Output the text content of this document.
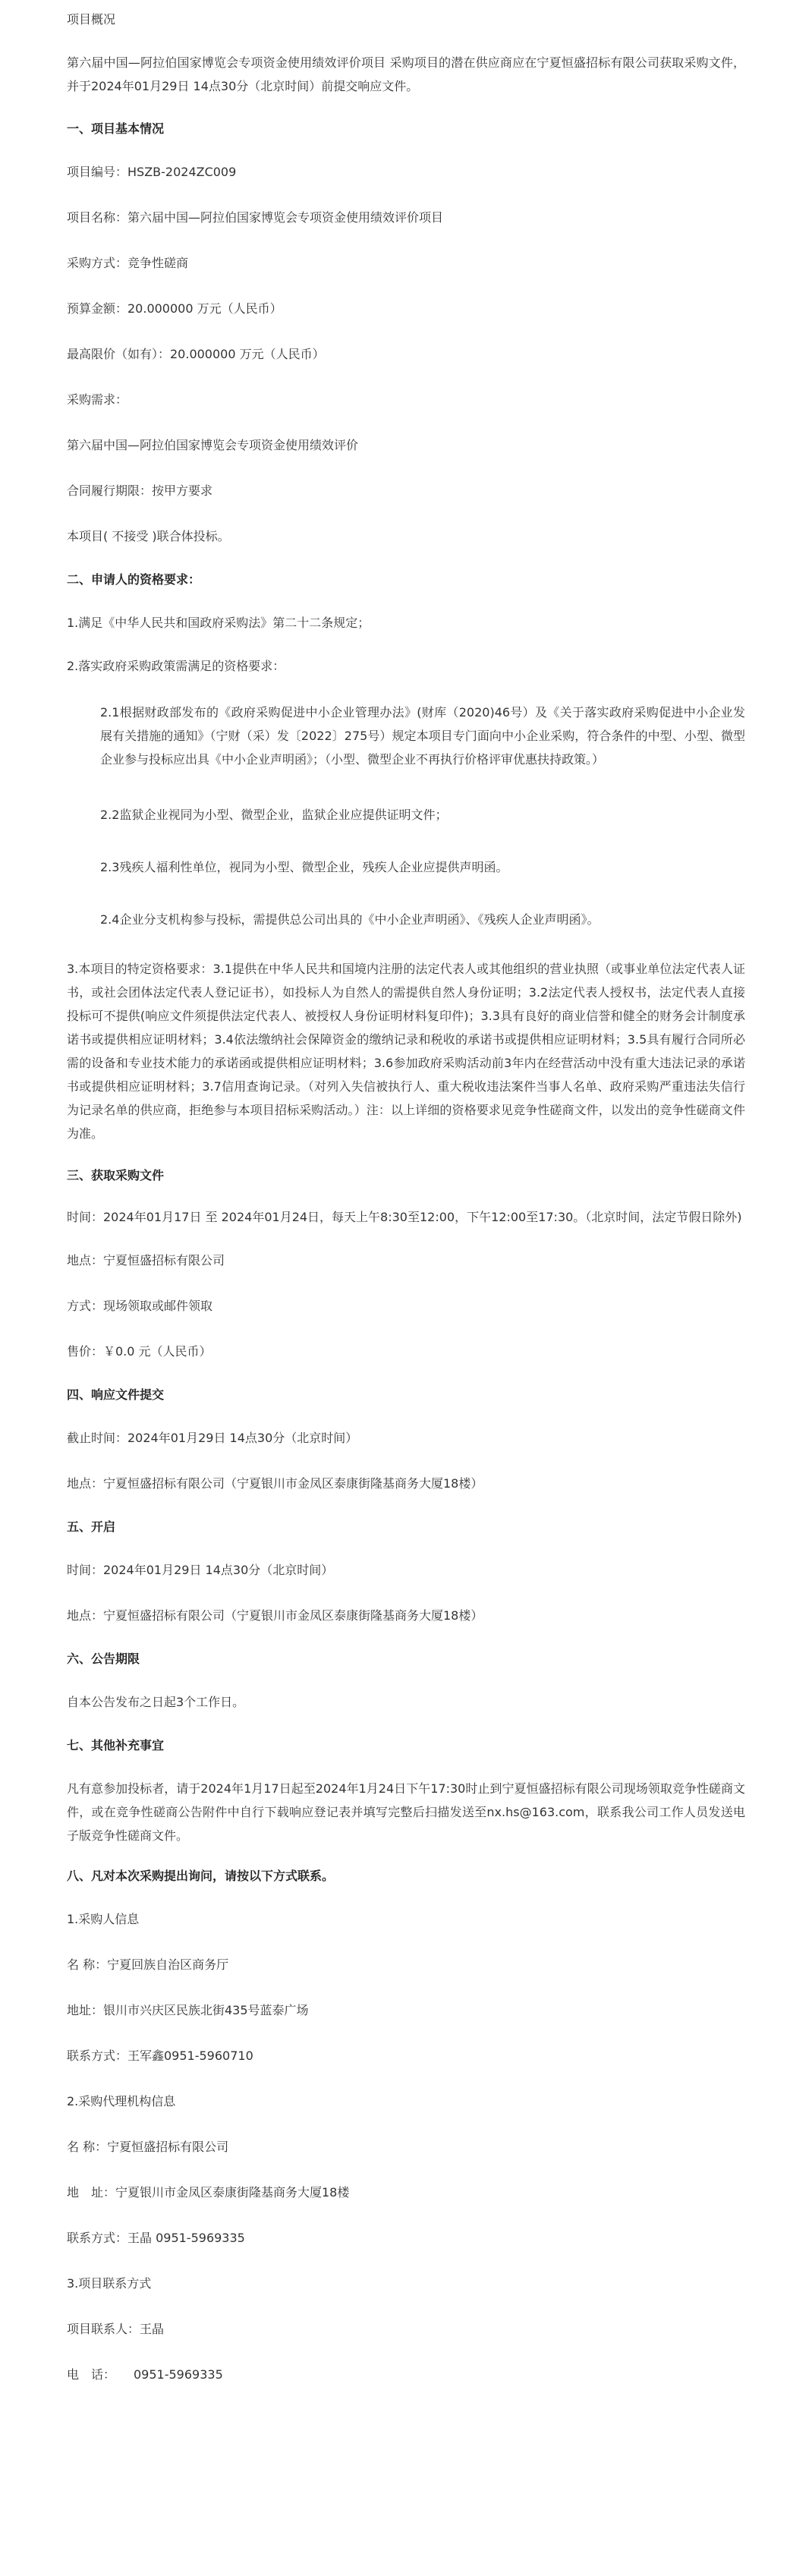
项目概况

第六届中国—阿拉伯国家博览会专项资金使用绩效评价项目 采购项目的潜在供应商应在宁夏恒盛招标有限公司获取采购文件，并于2024年01月29日 14点30分（北京时间）前提交响应文件。

一、项目基本情况

项目编号：HSZB-2024ZC009

项目名称：第六届中国—阿拉伯国家博览会专项资金使用绩效评价项目

采购方式：竞争性磋商

预算金额：20.000000 万元（人民币）

最高限价（如有）：20.000000 万元（人民币）

采购需求：

第六届中国—阿拉伯国家博览会专项资金使用绩效评价

合同履行期限：按甲方要求

本项目( 不接受 )联合体投标。

二、申请人的资格要求：

1.满足《中华人民共和国政府采购法》第二十二条规定；

2.落实政府采购政策需满足的资格要求：

2.1根据财政部发布的《政府采购促进中小企业管理办法》(财库（2020)46号）及《关于落实政府采购促进中小企业发展有关措施的通知》（宁财（采）发〔2022〕275号）规定本项目专门面向中小企业采购，符合条件的中型、小型、微型企业参与投标应出具《中小企业声明函》；（小型、微型企业不再执行价格评审优惠扶持政策。）

2.2监狱企业视同为小型、微型企业，监狱企业应提供证明文件；

2.3残疾人福利性单位，视同为小型、微型企业，残疾人企业应提供声明函。

2.4企业分支机构参与投标，需提供总公司出具的《中小企业声明函》、《残疾人企业声明函》。

3.本项目的特定资格要求：3.1提供在中华人民共和国境内注册的法定代表人或其他组织的营业执照（或事业单位法定代表人证书，或社会团体法定代表人登记证书），如投标人为自然人的需提供自然人身份证明；3.2法定代表人授权书，法定代表人直接投标可不提供(响应文件须提供法定代表人、被授权人身份证明材料复印件)；3.3具有良好的商业信誉和健全的财务会计制度承诺书或提供相应证明材料；3.4依法缴纳社会保障资金的缴纳记录和税收的承诺书或提供相应证明材料；3.5具有履行合同所必需的设备和专业技术能力的承诺函或提供相应证明材料；3.6参加政府采购活动前3年内在经营活动中没有重大违法记录的承诺书或提供相应证明材料；3.7信用查询记录。（对列入失信被执行人、重大税收违法案件当事人名单、政府采购严重违法失信行为记录名单的供应商，拒绝参与本项目招标采购活动。）注：以上详细的资格要求见竞争性磋商文件，以发出的竞争性磋商文件为准。

三、获取采购文件

时间：2024年01月17日 至 2024年01月24日，每天上午8:30至12:00，下午12:00至17:30。（北京时间，法定节假日除外)

地点：宁夏恒盛招标有限公司

方式：现场领取或邮件领取

售价：￥0.0 元（人民币）

四、响应文件提交

截止时间：2024年01月29日 14点30分（北京时间）

地点：宁夏恒盛招标有限公司（宁夏银川市金凤区泰康街隆基商务大厦18楼）

五、开启

时间：2024年01月29日 14点30分（北京时间）

地点：宁夏恒盛招标有限公司（宁夏银川市金凤区泰康街隆基商务大厦18楼）

六、公告期限

自本公告发布之日起3个工作日。

七、其他补充事宜

凡有意参加投标者，请于2024年1月17日起至2024年1月24日下午17:30时止到宁夏恒盛招标有限公司现场领取竞争性磋商文件，或在竞争性磋商公告附件中自行下载响应登记表并填写完整后扫描发送至nx.hs@163.com，联系我公司工作人员发送电子版竞争性磋商文件。

八、凡对本次采购提出询问，请按以下方式联系。

1.采购人信息

名 称：宁夏回族自治区商务厅

地址：银川市兴庆区民族北街435号蓝泰广场

联系方式：王军鑫0951-5960710

2.采购代理机构信息

名 称：宁夏恒盛招标有限公司

地　址：宁夏银川市金凤区泰康街隆基商务大厦18楼

联系方式：王晶 0951-5969335

3.项目联系方式

项目联系人：王晶

电　话：　　0951-5969335
